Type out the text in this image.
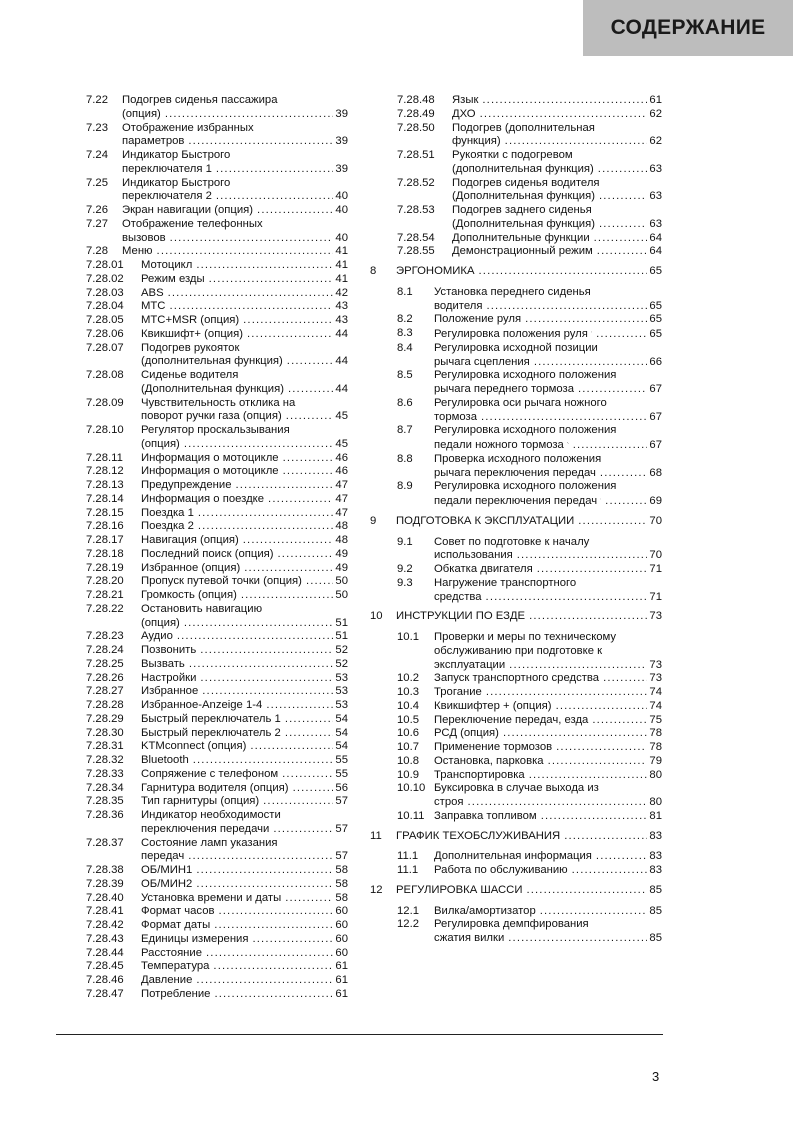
СОДЕРЖАНИЕ
7.22 Подогрев сиденья пассажира
(опция) . . .	39
7.23 Отображение избранных
параметров . . .	39
7.24 Индикатор Быстрого
переключателя 1 . . .	39
7.25 Индикатор Быстрого
переключателя 2 . . .	40
7.26 Экран навигации (опция) . . .	40
7.27 Отображение телефонных
вызовов . . .	40
7.28 Меню . . .	41
7.28.01 Мотоцикл . . .	41
7.28.02 Режим езды . . .	41
7.28.03 ABS . . .	42
7.28.04 MTC . . .	43
7.28.05 MTC+MSR (опция) . . .	43
7.28.06 Квикшифт+ (опция) . . .	44
7.28.07 Подогрев рукояток
(дополнительная функция) . . .	44
7.28.08 Сиденье водителя
(Дополнительная функция) . . .	44
7.28.09 Чувствительность отклика на
поворот ручки газа (опция) . . .	45
7.28.10 Регулятор проскальзывания
(опция) . . .	45
7.28.11 Информация о мотоцикле . . .	46
7.28.12 Информация о мотоцикле . . .	46
7.28.13 Предупреждение . . .	47
7.28.14 Информация о поездке . . .	47
7.28.15 Поездка 1 . . .	47
7.28.16 Поездка 2 . . .	48
7.28.17 Навигация (опция) . . .	48
7.28.18 Последний поиск (опция) . . .	49
7.28.19 Избранное (опция) . . .	49
7.28.20 Пропуск путевой точки (опция) . . .	50
7.28.21 Громкость (опция) . . .	50
7.28.22 Остановить навигацию
(опция) . . .	51
7.28.23 Аудио . . .	51
7.28.24 Позвонить . . .	52
7.28.25 Вызвать . . .	52
7.28.26 Настройки . . .	53
7.28.27 Избранное . . .	53
7.28.28 Избранное-Anzeige 1-4 . . .	53
7.28.29 Быстрый переключатель 1 . . .	54
7.28.30 Быстрый переключатель 2 . . .	54
7.28.31 KTMconnect (опция) . . .	54
7.28.32 Bluetooth . . .	55
7.28.33 Сопряжение с телефоном . . .	55
7.28.34 Гарнитура водителя (опция) . . .	56
7.28.35 Тип гарнитуры (опция) . . .	57
7.28.36 Индикатор необходимости
переключения передачи . . .	57
7.28.37 Состояние ламп указания
передач . . .	57
7.28.38 ОБ/МИН1 . . .	58
7.28.39 ОБ/МИН2 . . .	58
7.28.40 Установка времени и даты . . .	58
7.28.41 Формат часов . . .	60
7.28.42 Формат даты . . .	60
7.28.43 Единицы измерения . . .	60
7.28.44 Расстояние . . .	60
7.28.45 Температура . . .	61
7.28.46 Давление . . .	61
7.28.47 Потребление . . .	61
7.28.48 Язык . . .	61
7.28.49 ДХО . . .	62
7.28.50 Подогрев (дополнительная
функция) . . .	62
7.28.51 Рукоятки с подогревом
(дополнительная функция) . . .	63
7.28.52 Подогрев сиденья водителя
(Дополнительная функция) . . .	63
7.28.53 Подогрев заднего сиденья
(Дополнительная функция) . . .	63
7.28.54 Дополнительные функции . . .	64
7.28.55 Демонстрационный режим . . .	64
8 ЭРГОНОМИКА . . .	65
8.1 Установка переднего сиденья
водителя . . .	65
8.2 Положение руля . . .	65
8.3 Регулировка положения руля . . .	65
8.4 Регулировка исходной позиции
рычага сцепления . . .	66
8.5 Регулировка исходного положения
рычага переднего тормоза . . .	67
8.6 Регулировка оси рычага ножного
тормоза . . .	67
8.7 Регулировка исходного положения
педали ножного тормоза . . .	67
8.8 Проверка исходного положения
рычага переключения передач . . .	68
8.9 Регулировка исходного положения
педали переключения передач . . .	69
9 ПОДГОТОВКА К ЭКСПЛУАТАЦИИ . . .	70
9.1 Совет по подготовке к началу
использования . . .	70
9.2 Обкатка двигателя . . .	71
9.3 Нагружение транспортного
средства . . .	71
10 ИНСТРУКЦИИ ПО ЕЗДЕ . . .	73
10.1 Проверки и меры по техническому
обслуживанию при подготовке к
эксплуатации . . .	73
10.2 Запуск транспортного средства . . .	73
10.3 Трогание . . .	74
10.4 Квикшифтер + (опция) . . .	74
10.5 Переключение передач, езда . . .	75
10.6 РСД (опция) . . .	78
10.7 Применение тормозов . . .	78
10.8 Остановка, парковка . . .	79
10.9 Транспортировка . . .	80
10.10 Буксировка в случае выхода из
строя . . .	80
10.11 Заправка топливом . . .	81
11 ГРАФИК ТЕХОБСЛУЖИВАНИЯ . . .	83
11.1 Дополнительная информация . . .	83
11.1 Работа по обслуживанию . . .	83
12 РЕГУЛИРОВКА ШАССИ . . .	85
12.1 Вилка/амортизатор . . .	85
12.2 Регулировка демпфирования
сжатия вилки . . .	85
3
